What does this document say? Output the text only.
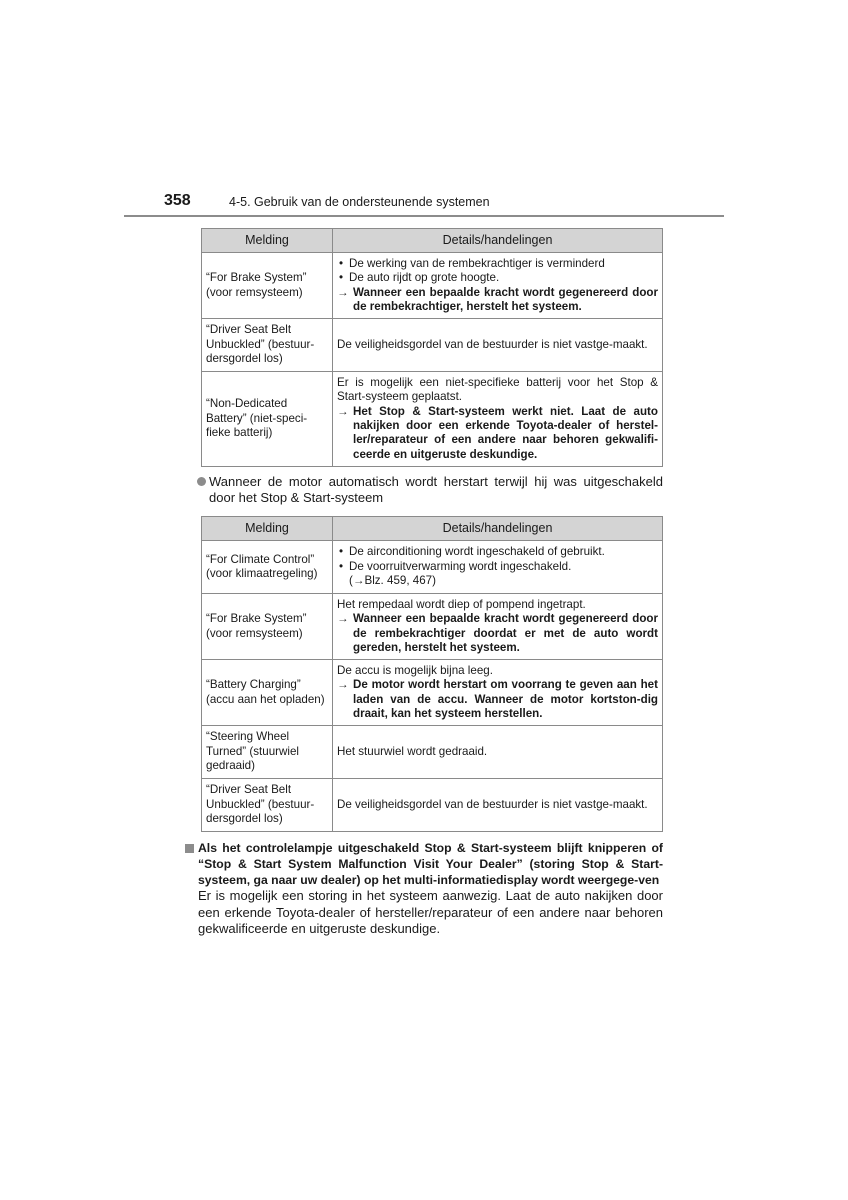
358	4-5. Gebruik van de ondersteunende systemen
Melding	Details/handelingen
“For Brake System” (voor remsysteem)	• De werking van de rembekrachtiger is verminderd
• De auto rijdt op grote hoogte.
→ Wanneer een bepaalde kracht wordt gegenereerd door de rembekrachtiger, herstelt het systeem.

“Driver Seat Belt Unbuckled” (bestuur-dersgordel los)	De veiligheidsgordel van de bestuurder is niet vastge-maakt.
“Non-Dedicated Battery” (niet-speci-fieke batterij)	Er is mogelijk een niet-specifieke batterij voor het Stop & Start-systeem geplaatst.
→ Het Stop & Start-systeem werkt niet. Laat de auto nakijken door een erkende Toyota-dealer of herstel-ler/reparateur of een andere naar behoren gekwalifi-ceerde en uitgeruste deskundige.
Wanneer de motor automatisch wordt herstart terwijl hij was uitgeschakeld door het Stop & Start-systeem
Melding	Details/handelingen
“For Climate Control” (voor klimaatregeling)	• De airconditioning wordt ingeschakeld of gebruikt.
• De voorruitverwarming wordt ingeschakeld.
(→Blz. 459, 467)

“For Brake System” (voor remsysteem)	Het rempedaal wordt diep of pompend ingetrapt.
→ Wanneer een bepaalde kracht wordt gegenereerd door de rembekrachtiger doordat er met de auto wordt gereden, herstelt het systeem.

“Battery Charging” (accu aan het opladen)	De accu is mogelijk bijna leeg.
→ De motor wordt herstart om voorrang te geven aan het laden van de accu. Wanneer de motor kortston-dig draait, kan het systeem herstellen.

“Steering Wheel Turned” (stuurwiel gedraaid)	Het stuurwiel wordt gedraaid.
“Driver Seat Belt Unbuckled” (bestuur-dersgordel los)	De veiligheidsgordel van de bestuurder is niet vastge-maakt.
Als het controlelampje uitgeschakeld Stop & Start-systeem blijft knipperen of “Stop & Start System Malfunction Visit Your Dealer” (storing Stop & Start-systeem, ga naar uw dealer) op het multi-informatiedisplay wordt weergege-ven
Er is mogelijk een storing in het systeem aanwezig. Laat de auto nakijken door een erkende Toyota-dealer of hersteller/reparateur of een andere naar behoren gekwalificeerde en uitgeruste deskundige.
